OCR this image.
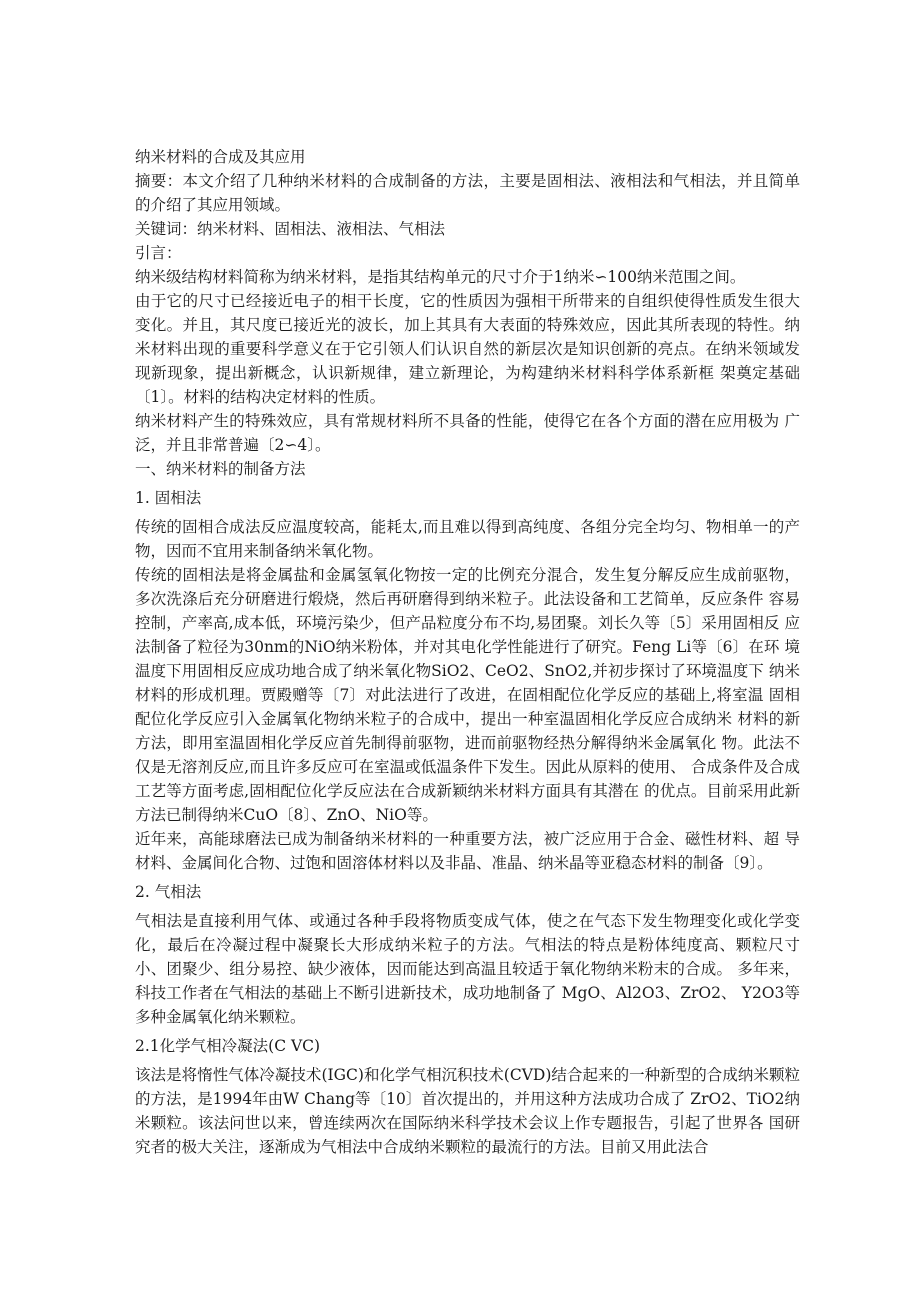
纳米材料的合成及其应用

摘要：本文介绍了几种纳米材料的合成制备的方法，主要是固相法、液相法和气相法，并且简单的介绍了其应用领域。

关键词：纳米材料、固相法、液相法、气相法

引言：

纳米级结构材料简称为纳米材料，是指其结构单元的尺寸介于1纳米∽100纳米范围之间。

由于它的尺寸已经接近电子的相干长度，它的性质因为强相干所带来的自组织使得性质发生很大变化。并且，其尺度已接近光的波长，加上其具有大表面的特殊效应，因此其所表现的特性。纳米材料出现的重要科学意义在于它引领人们认识自然的新层次是知识创新的亮点。在纳米领域发现新现象，提出新概念，认识新规律，建立新理论，为构建纳米材料科学体系新框 架奠定基础〔1〕。材料的结构决定材料的性质。

纳米材料产生的特殊效应，具有常规材料所不具备的性能，使得它在各个方面的潜在应用极为 广泛，并且非常普遍〔2∽4〕。

一、纳米材料的制备方法

1. 固相法

传统的固相合成法反应温度较高，能耗太,而且难以得到高纯度、各组分完全均匀、物相单一的产物，因而不宜用来制备纳米氧化物。

传统的固相法是将金属盐和金属氢氧化物按一定的比例充分混合，发生复分解反应生成前驱物，多次洗涤后充分研磨进行煅烧，然后再研磨得到纳米粒子。此法设备和工艺简单，反应条件 容易控制，产率高,成本低，环境污染少，但产品粒度分布不均,易团聚。刘长久等〔5〕采用固相反 应法制备了粒径为30nm的NiO纳米粉体，并对其电化学性能进行了研究。Feng Li等〔6〕在环 境温度下用固相反应成功地合成了纳米氧化物SiO2、CeO2、SnO2,并初步探讨了环境温度下 纳米材料的形成机理。贾殿赠等〔7〕对此法进行了改进，在固相配位化学反应的基础上,将室温 固相配位化学反应引入金属氧化物纳米粒子的合成中，提出一种室温固相化学反应合成纳米 材料的新方法，即用室温固相化学反应首先制得前驱物，进而前驱物经热分解得纳米金属氧化 物。此法不仅是无溶剂反应,而且许多反应可在室温或低温条件下发生。因此从原料的使用、 合成条件及合成工艺等方面考虑,固相配位化学反应法在合成新颖纳米材料方面具有其潜在 的优点。目前采用此新方法已制得纳米CuO〔8〕、ZnO、NiO等。

近年来，高能球磨法已成为制备纳米材料的一种重要方法，被广泛应用于合金、磁性材料、超 导材料、金属间化合物、过饱和固溶体材料以及非晶、准晶、纳米晶等亚稳态材料的制备〔9〕。

2. 气相法

气相法是直接利用气体、或通过各种手段将物质变成气体，使之在气态下发生物理变化或化学变化，最后在冷凝过程中凝聚长大形成纳米粒子的方法。气相法的特点是粉体纯度高、颗粒尺寸小、团聚少、组分易控、缺少液体，因而能达到高温且较适于氧化物纳米粉末的合成。 多年来，科技工作者在气相法的基础上不断引进新技术，成功地制备了 MgO、Al2O3、ZrO2、 Y2O3等多种金属氧化纳米颗粒。

2.1化学气相冷凝法(C VC)

该法是将惰性气体冷凝技术(IGC)和化学气相沉积技术(CVD)结合起来的一种新型的合成纳米颗粒的方法，是1994年由W Chang等〔10〕首次提出的，并用这种方法成功合成了 ZrO2、TiO2纳米颗粒。该法问世以来，曾连续两次在国际纳米科学技术会议上作专题报告，引起了世界各 国研究者的极大关注，逐渐成为气相法中合成纳米颗粒的最流行的方法。目前又用此法合
